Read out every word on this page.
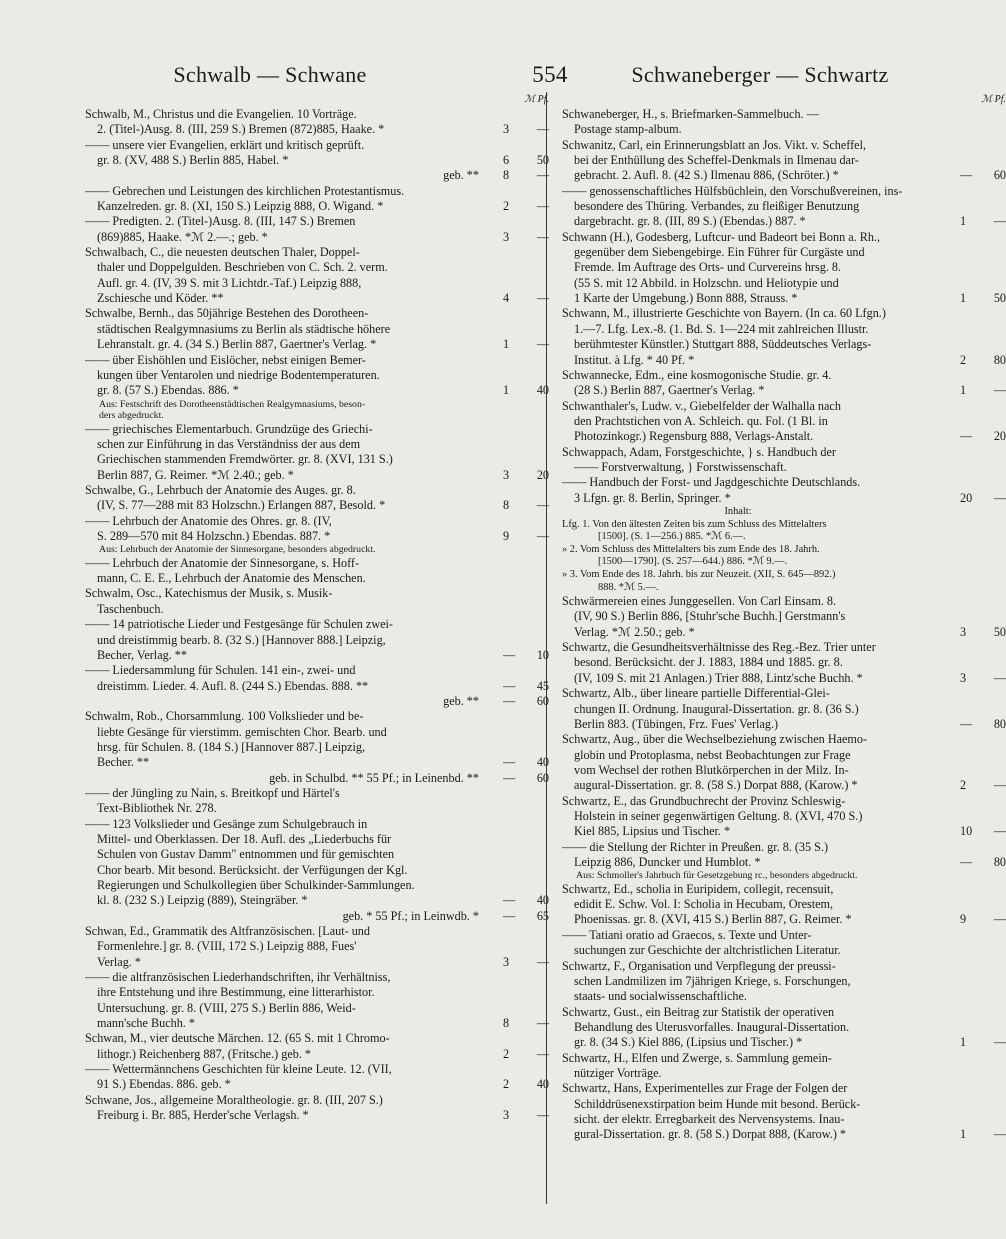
Schwalb — Schwane	554	Schwaneberger — Schwartz
ℳ Pf.
Schwalb, M., Christus und die Evangelien. 10 Vorträge.
2. (Titel-)Ausg. 8. (III, 259 S.) Bremen (872)885, Haake. *	3 —
—— unsere vier Evangelien, erklärt und kritisch geprüft.
gr. 8. (XV, 488 S.) Berlin 885, Habel. *	6 50
geb. **	8 —
—— Gebrechen und Leistungen des kirchlichen Protestantismus.
Kanzelreden. gr. 8. (XI, 150 S.) Leipzig 888, O. Wigand. *	2 —
—— Predigten. 2. (Titel-)Ausg. 8. (III, 147 S.) Bremen
(869)885, Haake. *ℳ 2.—.; geb. *	3 —
Schwalbach, C., die neuesten deutschen Thaler, Doppel-
thaler und Doppelgulden. Beschrieben von C. Sch. 2. verm.
Aufl. gr. 4. (IV, 39 S. mit 3 Lichtdr.-Taf.) Leipzig 888,
Zschiesche und Köder. **	4 —
Schwalbe, Bernh., das 50jährige Bestehen des Dorotheen-
städtischen Realgymnasiums zu Berlin als städtische höhere
Lehranstalt. gr. 4. (34 S.) Berlin 887, Gaertner's Verlag. *	1 —
—— über Eishöhlen und Eislöcher, nebst einigen Bemer-
kungen über Ventarolen und niedrige Bodentemperaturen.
gr. 8. (57 S.) Ebendas. 886. *	1 40
Aus: Festschrift des Dorotheenstädtischen Realgymnasiums, beson-
ders abgedruckt.
—— griechisches Elementarbuch. Grundzüge des Griechi-
schen zur Einführung in das Verständniss der aus dem
Griechischen stammenden Fremdwörter. gr. 8. (XVI, 131 S.)
Berlin 887, G. Reimer. *ℳ 2.40.; geb. *	3 20
Schwalbe, G., Lehrbuch der Anatomie des Auges. gr. 8.
(IV, S. 77—288 mit 83 Holzschn.) Erlangen 887, Besold. *	8 —
—— Lehrbuch der Anatomie des Ohres. gr. 8. (IV,
S. 289—570 mit 84 Holzschn.) Ebendas. 887. *	9 —
Aus: Lehrbuch der Anatomie der Sinnesorgane, besonders abgedruckt.
—— Lehrbuch der Anatomie der Sinnesorgane, s. Hoff-
mann, C. E. E., Lehrbuch der Anatomie des Menschen.
Schwalm, Osc., Katechismus der Musik, s. Musik-
Taschenbuch.
—— 14 patriotische Lieder und Festgesänge für Schulen zwei-
und dreistimmig bearb. 8. (32 S.) [Hannover 888.] Leipzig,
Becher, Verlag. **	— 10
—— Liedersammlung für Schulen. 141 ein-, zwei- und
dreistimm. Lieder. 4. Aufl. 8. (244 S.) Ebendas. 888. **	— 45
geb. **	— 60
Schwalm, Rob., Chorsammlung. 100 Volkslieder und be-
liebte Gesänge für vierstimm. gemischten Chor. Bearb. und
hrsg. für Schulen. 8. (184 S.) [Hannover 887.] Leipzig,
Becher. **	— 40
geb. in Schulbd. ** 55 Pf.; in Leinenbd. **	— 60
—— der Jüngling zu Nain, s. Breitkopf und Härtel's
Text-Bibliothek Nr. 278.
—— 123 Volkslieder und Gesänge zum Schulgebrauch in
Mittel- und Oberklassen. Der 18. Aufl. des „Liederbuchs für
Schulen von Gustav Damm" entnommen und für gemischten
Chor bearb. Mit besond. Berücksicht. der Verfügungen der Kgl.
Regierungen und Schulkollegien über Schulkinder-Sammlungen.
kl. 8. (232 S.) Leipzig (889), Steingräber. *	— 40
geb. * 55 Pf.; in Leinwdb. *	— 65
Schwan, Ed., Grammatik des Altfranzösischen. [Laut- und
Formenlehre.] gr. 8. (VIII, 172 S.) Leipzig 888, Fues'
Verlag. *	3 —
—— die altfranzösischen Liederhandschriften, ihr Verhältniss,
ihre Entstehung und ihre Bestimmung, eine litterarhistor.
Untersuchung. gr. 8. (VIII, 275 S.) Berlin 886, Weid-
mann'sche Buchh. *	8 —
Schwan, M., vier deutsche Märchen. 12. (65 S. mit 1 Chromo-
lithogr.) Reichenberg 887, (Fritsche.) geb. *	2 —
—— Wettermännchens Geschichten für kleine Leute. 12. (VII,
91 S.) Ebendas. 886. geb. *	2 40
Schwane, Jos., allgemeine Moraltheologie. gr. 8. (III, 207 S.)
Freiburg i. Br. 885, Herder'sche Verlagsh. *	3 —
ℳ Pf.
Schwaneberger, H., s. Briefmarken-Sammelbuch. —
Postage stamp-album.
Schwanitz, Carl, ein Erinnerungsblatt an Jos. Vikt. v. Scheffel,
bei der Enthüllung des Scheffel-Denkmals in Ilmenau dar-
gebracht. 2. Aufl. 8. (42 S.) Ilmenau 886, (Schröter.) *	— 60
—— genossenschaftliches Hülfsbüchlein, den Vorschußvereinen, ins-
besondere des Thüring. Verbandes, zu fleißiger Benutzung
dargebracht. gr. 8. (III, 89 S.) (Ebendas.) 887. *	1 —
Schwann (H.), Godesberg, Luftcur- und Badeort bei Bonn a. Rh.,
gegenüber dem Siebengebirge. Ein Führer für Curgäste und
Fremde. Im Auftrage des Orts- und Curvereins hrsg. 8.
(55 S. mit 12 Abbild. in Holzschn. und Heliotypie und
1 Karte der Umgebung.) Bonn 888, Strauss. *	1 50
Schwann, M., illustrierte Geschichte von Bayern. (In ca. 60 Lfgn.)
1.—7. Lfg. Lex.-8. (1. Bd. S. 1—224 mit zahlreichen Illustr.
berühmtester Künstler.) Stuttgart 888, Süddeutsches Verlags-
Institut. à Lfg. * 40 Pf. *	2 80
Schwannecke, Edm., eine kosmogonische Studie. gr. 4.
(28 S.) Berlin 887, Gaertner's Verlag. *	1 —
Schwanthaler's, Ludw. v., Giebelfelder der Walhalla nach
den Prachtstichen von A. Schleich. qu. Fol. (1 Bl. in
Photozinkogr.) Regensburg 888, Verlags-Anstalt.	— 20
Schwappach, Adam, Forstgeschichte, } s. Handbuch der
—— Forstverwaltung, } Forstwissenschaft.
—— Handbuch der Forst- und Jagdgeschichte Deutschlands.
3 Lfgn. gr. 8. Berlin, Springer. *	20 —
Inhalt:
Lfg. 1. Von den ältesten Zeiten bis zum Schluss des Mittelalters
[1500]. (S. 1—256.) 885. *ℳ 6.—.
» 2. Vom Schluss des Mittelalters bis zum Ende des 18. Jahrh.
[1500—1790]. (S. 257—644.) 886. *ℳ 9.—.
» 3. Vom Ende des 18. Jahrh. bis zur Neuzeit. (XII, S. 645—892.)
888. *ℳ 5.—.
Schwärmereien eines Junggesellen. Von Carl Einsam. 8.
(IV, 90 S.) Berlin 886, [Stuhr'sche Buchh.] Gerstmann's
Verlag. *ℳ 2.50.; geb. *	3 50
Schwartz, die Gesundheitsverhältnisse des Reg.-Bez. Trier unter
besond. Berücksicht. der J. 1883, 1884 und 1885. gr. 8.
(IV, 109 S. mit 21 Anlagen.) Trier 888, Lintz'sche Buchh. *	3 —
Schwartz, Alb., über lineare partielle Differential-Glei-
chungen II. Ordnung. Inaugural-Dissertation. gr. 8. (36 S.)
Berlin 883. (Tübingen, Frz. Fues' Verlag.)	— 80
Schwartz, Aug., über die Wechselbeziehung zwischen Haemo-
globin und Protoplasma, nebst Beobachtungen zur Frage
vom Wechsel der rothen Blutkörperchen in der Milz. In-
augural-Dissertation. gr. 8. (58 S.) Dorpat 888, (Karow.) *	2 —
Schwartz, E., das Grundbuchrecht der Provinz Schleswig-
Holstein in seiner gegenwärtigen Geltung. 8. (XVI, 470 S.)
Kiel 885, Lipsius und Tischer. *	10 —
—— die Stellung der Richter in Preußen. gr. 8. (35 S.)
Leipzig 886, Duncker und Humblot. *	— 80
Aus: Schmoller's Jahrbuch für Gesetzgebung rc., besonders abgedruckt.
Schwartz, Ed., scholia in Euripidem, collegit, recensuit,
edidit E. Schw. Vol. I: Scholia in Hecubam, Orestem,
Phoenissas. gr. 8. (XVI, 415 S.) Berlin 887, G. Reimer. *	9 —
—— Tatiani oratio ad Graecos, s. Texte und Unter-
suchungen zur Geschichte der altchristlichen Literatur.
Schwartz, F., Organisation und Verpflegung der preussi-
schen Landmilizen im 7jährigen Kriege, s. Forschungen,
staats- und socialwissenschaftliche.
Schwartz, Gust., ein Beitrag zur Statistik der operativen
Behandlung des Uterusvorfalles. Inaugural-Dissertation.
gr. 8. (34 S.) Kiel 886, (Lipsius und Tischer.) *	1 —
Schwartz, H., Elfen und Zwerge, s. Sammlung gemein-
nütziger Vorträge.
Schwartz, Hans, Experimentelles zur Frage der Folgen der
Schilddrüsenexstirpation beim Hunde mit besond. Berück-
sicht. der elektr. Erregbarkeit des Nervensystems. Inau-
gural-Dissertation. gr. 8. (58 S.) Dorpat 888, (Karow.) *	1 —
